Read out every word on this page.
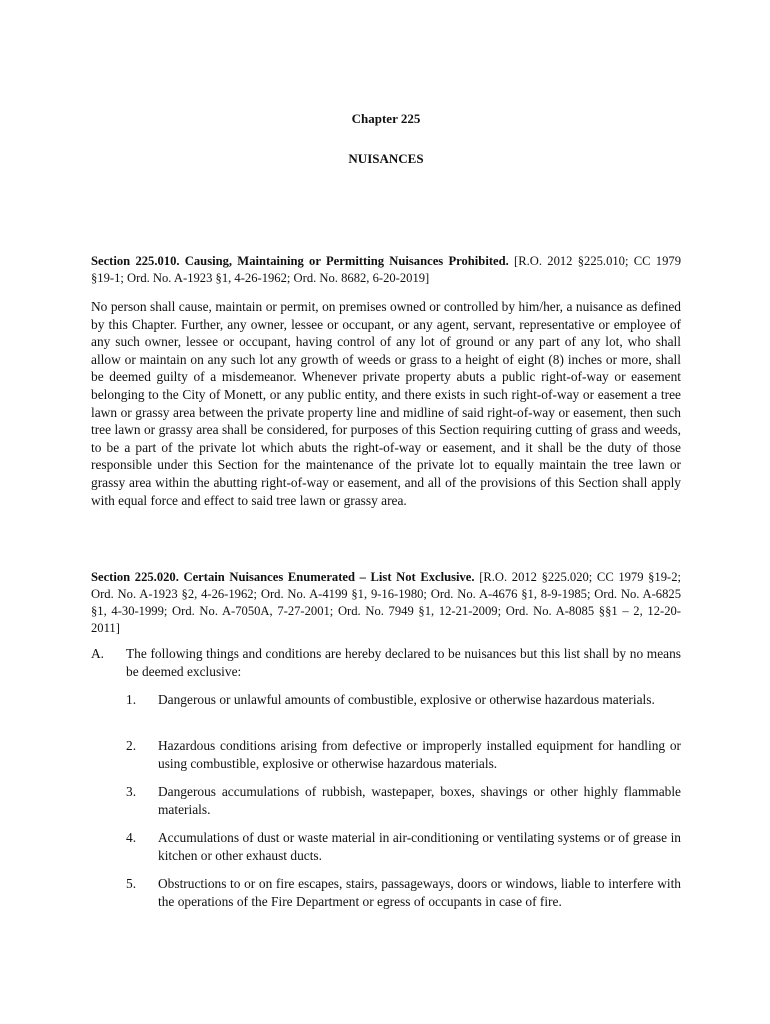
Chapter 225
NUISANCES
Section 225.010. Causing, Maintaining or Permitting Nuisances Prohibited. [R.O. 2012 §225.010; CC 1979 §19-1; Ord. No. A-1923 §1, 4-26-1962; Ord. No. 8682, 6-20-2019]
No person shall cause, maintain or permit, on premises owned or controlled by him/her, a nuisance as defined by this Chapter. Further, any owner, lessee or occupant, or any agent, servant, representative or employee of any such owner, lessee or occupant, having control of any lot of ground or any part of any lot, who shall allow or maintain on any such lot any growth of weeds or grass to a height of eight (8) inches or more, shall be deemed guilty of a misdemeanor. Whenever private property abuts a public right-of-way or easement belonging to the City of Monett, or any public entity, and there exists in such right-of-way or easement a tree lawn or grassy area between the private property line and midline of said right-of-way or easement, then such tree lawn or grassy area shall be considered, for purposes of this Section requiring cutting of grass and weeds, to be a part of the private lot which abuts the right-of-way or easement, and it shall be the duty of those responsible under this Section for the maintenance of the private lot to equally maintain the tree lawn or grassy area within the abutting right-of-way or easement, and all of the provisions of this Section shall apply with equal force and effect to said tree lawn or grassy area.
Section 225.020. Certain Nuisances Enumerated – List Not Exclusive. [R.O. 2012 §225.020; CC 1979 §19-2; Ord. No. A-1923 §2, 4-26-1962; Ord. No. A-4199 §1, 9-16-1980; Ord. No. A-4676 §1, 8-9-1985; Ord. No. A-6825 §1, 4-30-1999; Ord. No. A-7050A, 7-27-2001; Ord. No. 7949 §1, 12-21-2009; Ord. No. A-8085 §§1 – 2, 12-20-2011]
A. The following things and conditions are hereby declared to be nuisances but this list shall by no means be deemed exclusive:
1. Dangerous or unlawful amounts of combustible, explosive or otherwise hazardous materials.
2. Hazardous conditions arising from defective or improperly installed equipment for handling or using combustible, explosive or otherwise hazardous materials.
3. Dangerous accumulations of rubbish, wastepaper, boxes, shavings or other highly flammable materials.
4. Accumulations of dust or waste material in air-conditioning or ventilating systems or of grease in kitchen or other exhaust ducts.
5. Obstructions to or on fire escapes, stairs, passageways, doors or windows, liable to interfere with the operations of the Fire Department or egress of occupants in case of fire.
